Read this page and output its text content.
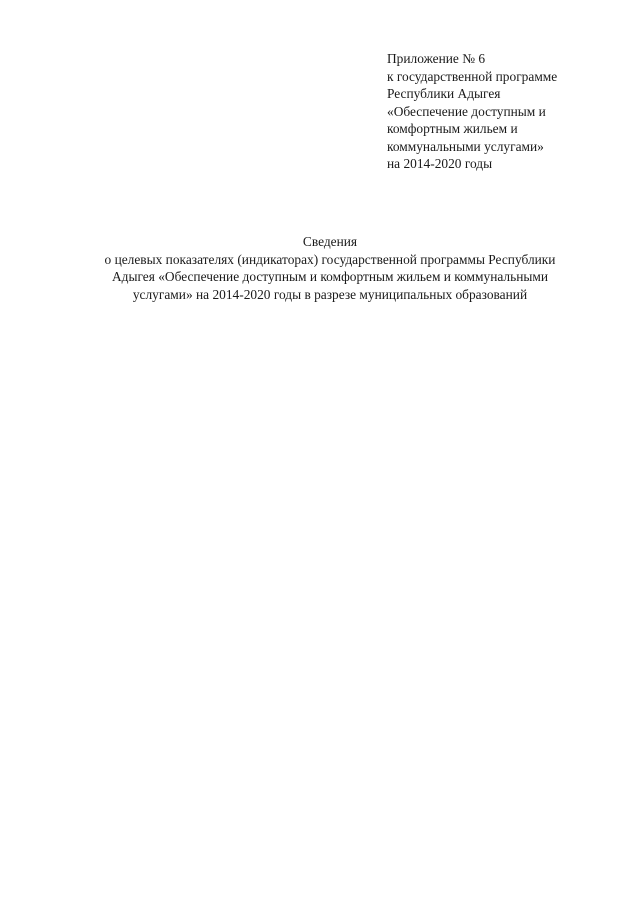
Приложение № 6
к государственной программе
Республики Адыгея
«Обеспечение доступным и
комфортным жильем и
коммунальными услугами»
на 2014-2020 годы
Сведения
о целевых показателях (индикаторах) государственной программы Республики
Адыгея «Обеспечение доступным и комфортным жильем и коммунальными
услугами» на 2014-2020 годы в разрезе муниципальных образований
